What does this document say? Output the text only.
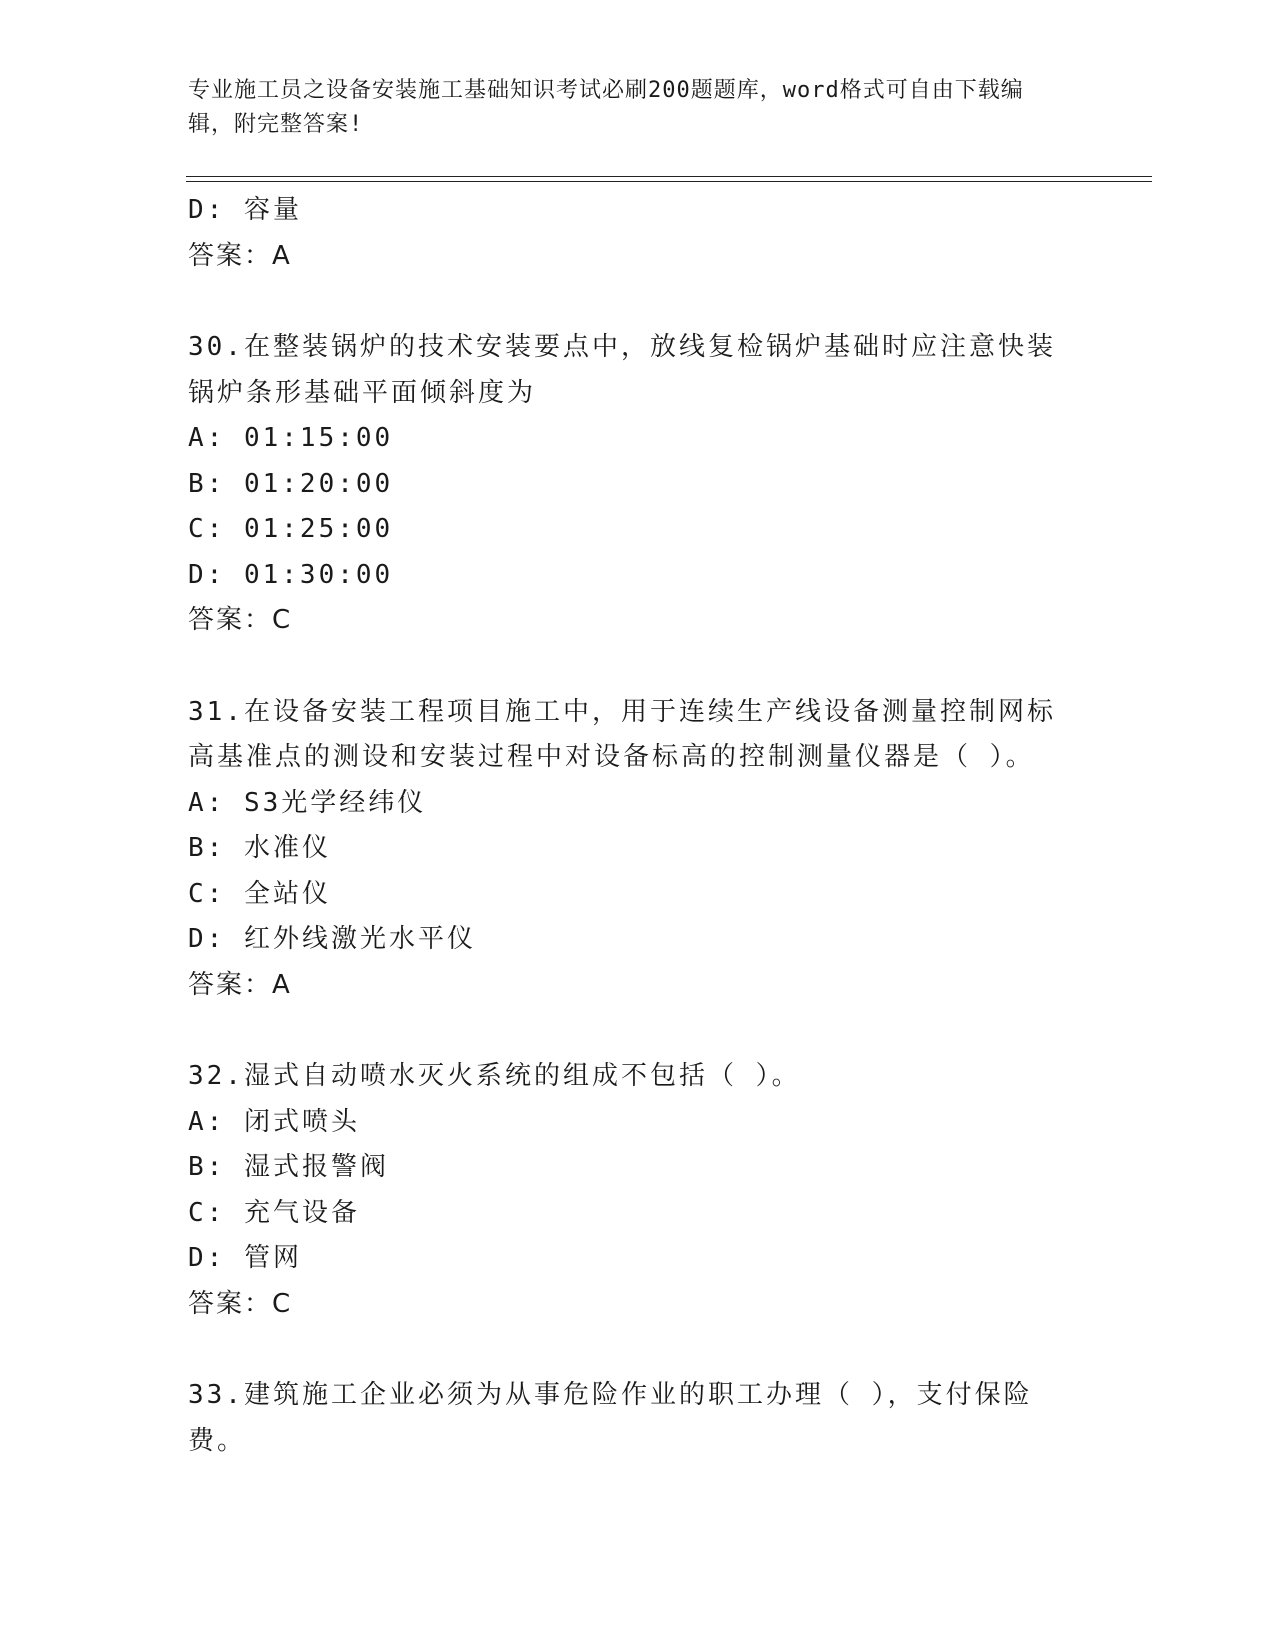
专业施工员之设备安装施工基础知识考试必刷200题题库，word格式可自由下载编辑，附完整答案!
D: 容量
答案：A
30.在整装锅炉的技术安装要点中，放线复检锅炉基础时应注意快装锅炉条形基础平面倾斜度为
A: 01:15:00
B: 01:20:00
C: 01:25:00
D: 01:30:00
答案：C
31.在设备安装工程项目施工中，用于连续生产线设备测量控制网标高基准点的测设和安装过程中对设备标高的控制测量仪器是（ ）。
A: S3光学经纬仪
B: 水准仪
C: 全站仪
D: 红外线激光水平仪
答案：A
32.湿式自动喷水灭火系统的组成不包括（ ）。
A: 闭式喷头
B: 湿式报警阀
C: 充气设备
D: 管网
答案：C
33.建筑施工企业必须为从事危险作业的职工办理（ ），支付保险费。
